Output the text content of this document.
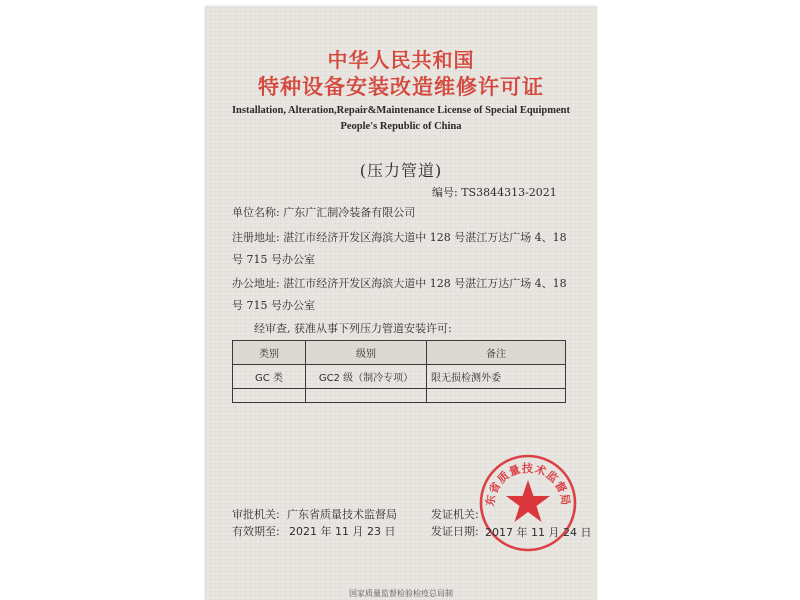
中华人民共和国
特种设备安装改造维修许可证
Installation, Alteration,Repair&Maintenance License of Special Equipment
People's Republic of China
(压力管道)
编号: TS3844313-2021
单位名称: 广东广汇制冷装备有限公司
注册地址: 湛江市经济开发区海滨大道中 128 号湛江万达广场 4、18
号 715 号办公室
办公地址: 湛江市经济开发区海滨大道中 128 号湛江万达广场 4、18
号 715 号办公室
经审查, 获准从事下列压力管道安装许可:
类别	级别	备注
GC 类	GC2 级（制冷专项）	限无损检测外委

东省质量技术监督局
审批机关: 广东省质量技术监督局	发证机关:
有效期至: 2021 年 11 月 23 日	发证日期: 2017 年 11 月 24 日
国家质量监督检验检疫总局制
